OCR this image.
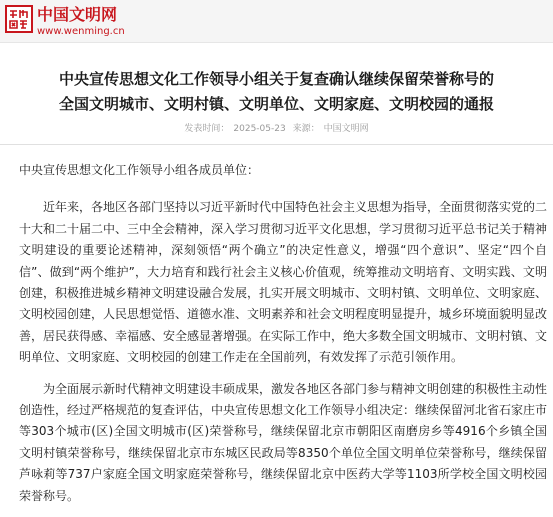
中国文明网
www.wenming.cn
中央宣传思想文化工作领导小组关于复查确认继续保留荣誉称号的
全国文明城市、文明村镇、文明单位、文明家庭、文明校园的通报
发表时间： 2025-05-23 来源： 中国文明网

中央宣传思想文化工作领导小组各成员单位：

近年来，各地区各部门坚持以习近平新时代中国特色社会主义思想为指导，全面贯彻落实党的二十大和二十届二中、三中全会精神，深入学习贯彻习近平文化思想，学习贯彻习近平总书记关于精神文明建设的重要论述精神，深刻领悟“两个确立”的决定性意义，增强“四个意识”、坚定“四个自信”、做到“两个维护”，大力培育和践行社会主义核心价值观，统筹推动文明培育、文明实践、文明创建，积极推进城乡精神文明建设融合发展，扎实开展文明城市、文明村镇、文明单位、文明家庭、文明校园创建，人民思想觉悟、道德水准、文明素养和社会文明程度明显提升，城乡环境面貌明显改善，居民获得感、幸福感、安全感显著增强。在实际工作中，绝大多数全国文明城市、文明村镇、文明单位、文明家庭、文明校园的创建工作走在全国前列，有效发挥了示范引领作用。

为全面展示新时代精神文明建设丰硕成果，激发各地区各部门参与精神文明创建的积极性主动性创造性，经过严格规范的复查评估，中央宣传思想文化工作领导小组决定：继续保留河北省石家庄市等303个城市(区)全国文明城市(区)荣誉称号，继续保留北京市朝阳区南磨房乡等4916个乡镇全国文明村镇荣誉称号，继续保留北京市东城区民政局等8350个单位全国文明单位荣誉称号，继续保留芦咏莉等737户家庭全国文明家庭荣誉称号，继续保留北京中医药大学等1103所学校全国文明校园荣誉称号。
